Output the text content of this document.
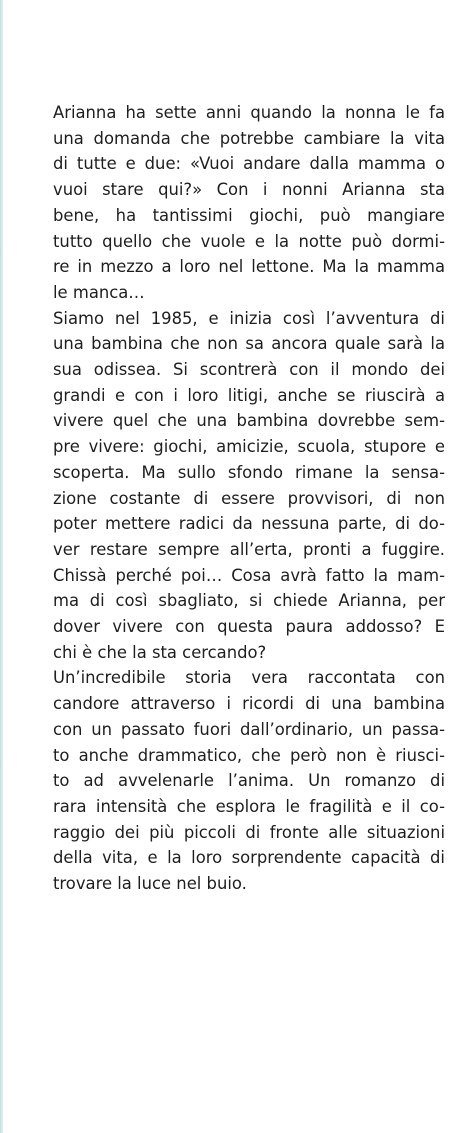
Arianna ha sette anni quando la nonna le fa
una domanda che potrebbe cambiare la vita
di tutte e due: «Vuoi andare dalla mamma o
vuoi stare qui?» Con i nonni Arianna sta
bene, ha tantissimi giochi, può mangiare
tutto quello che vuole e la notte può dormi-
re in mezzo a loro nel lettone. Ma la mamma
le manca…
Siamo nel 1985, e inizia così l’avventura di
una bambina che non sa ancora quale sarà la
sua odissea. Si scontrerà con il mondo dei
grandi e con i loro litigi, anche se riuscirà a
vivere quel che una bambina dovrebbe sem-
pre vivere: giochi, amicizie, scuola, stupore e
scoperta. Ma sullo sfondo rimane la sensa-
zione costante di essere provvisori, di non
poter mettere radici da nessuna parte, di do-
ver restare sempre all’erta, pronti a fuggire.
Chissà perché poi… Cosa avrà fatto la mam-
ma di così sbagliato, si chiede Arianna, per
dover vivere con questa paura addosso? E
chi è che la sta cercando?
Un’incredibile storia vera raccontata con
candore attraverso i ricordi di una bambina
con un passato fuori dall’ordinario, un passa-
to anche drammatico, che però non è riusci-
to ad avvelenarle l’anima. Un romanzo di
rara intensità che esplora le fragilità e il co-
raggio dei più piccoli di fronte alle situazioni
della vita, e la loro sorprendente capacità di
trovare la luce nel buio.
